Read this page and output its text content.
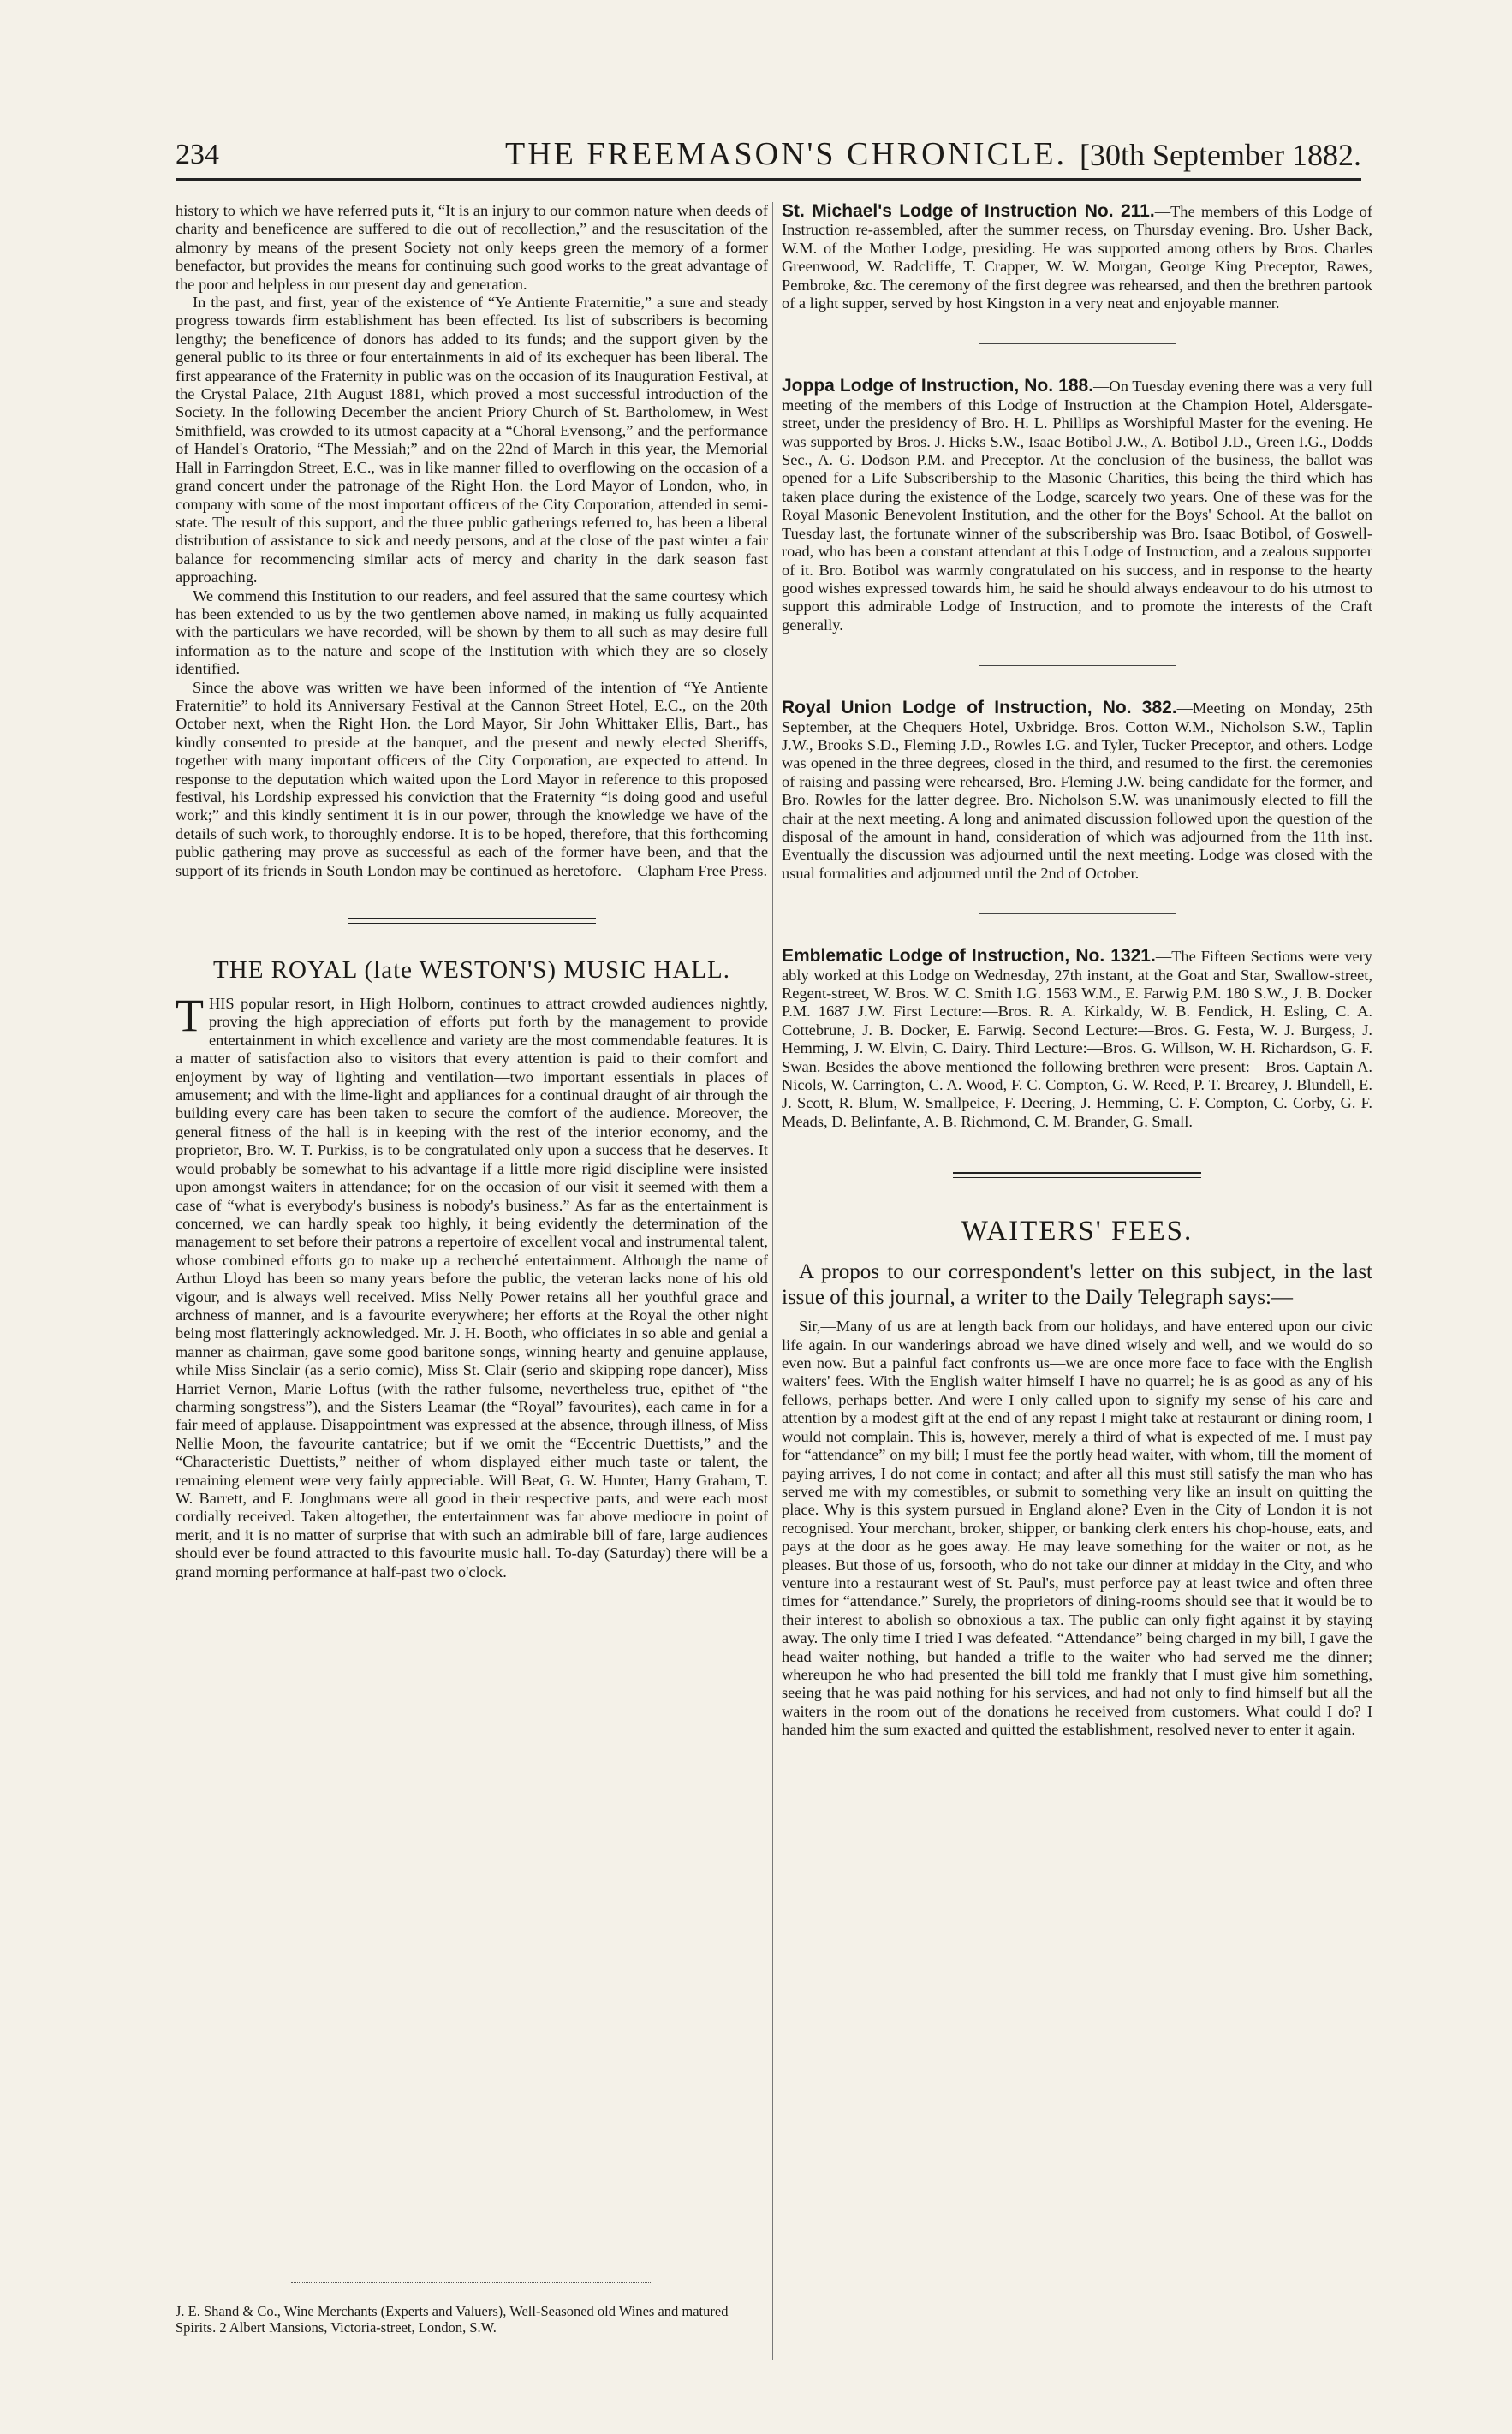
234	THE FREEMASON'S CHRONICLE. [30th September 1882.

history to which we have referred puts it, “It is an injury to our common nature when deeds of charity and beneficence are suffered to die out of recollection,” and the resuscitation of the almonry by means of the present Society not only keeps green the memory of a former benefactor, but provides the means for continuing such good works to the great advantage of the poor and helpless in our present day and generation.

In the past, and first, year of the existence of “Ye Antiente Fraternitie,” a sure and steady progress towards firm establishment has been effected. Its list of subscribers is becoming lengthy; the beneficence of donors has added to its funds; and the support given by the general public to its three or four entertainments in aid of its exchequer has been liberal. The first appearance of the Fraternity in public was on the occasion of its Inauguration Festival, at the Crystal Palace, 21th August 1881, which proved a most successful introduction of the Society. In the following December the ancient Priory Church of St. Bartholomew, in West Smithfield, was crowded to its utmost capacity at a “Choral Evensong,” and the performance of Handel's Oratorio, “The Messiah;” and on the 22nd of March in this year, the Memorial Hall in Farringdon Street, E.C., was in like manner filled to overflowing on the occasion of a grand concert under the patronage of the Right Hon. the Lord Mayor of London, who, in company with some of the most important officers of the City Corporation, attended in semi-state. The result of this support, and the three public gatherings referred to, has been a liberal distribution of assistance to sick and needy persons, and at the close of the past winter a fair balance for recommencing similar acts of mercy and charity in the dark season fast approaching.

We commend this Institution to our readers, and feel assured that the same courtesy which has been extended to us by the two gentlemen above named, in making us fully acquainted with the particulars we have recorded, will be shown by them to all such as may desire full information as to the nature and scope of the Institution with which they are so closely identified.

Since the above was written we have been informed of the intention of “Ye Antiente Fraternitie” to hold its Anniversary Festival at the Cannon Street Hotel, E.C., on the 20th October next, when the Right Hon. the Lord Mayor, Sir John Whittaker Ellis, Bart., has kindly consented to preside at the banquet, and the present and newly elected Sheriffs, together with many important officers of the City Corporation, are expected to attend. In response to the deputation which waited upon the Lord Mayor in reference to this proposed festival, his Lordship expressed his conviction that the Fraternity “is doing good and useful work;” and this kindly sentiment it is in our power, through the knowledge we have of the details of such work, to thoroughly endorse. It is to be hoped, therefore, that this forthcoming public gathering may prove as successful as each of the former have been, and that the support of its friends in South London may be continued as heretofore.—Clapham Free Press.

THE ROYAL (late WESTON'S) MUSIC HALL.

THIS popular resort, in High Holborn, continues to attract crowded audiences nightly, proving the high appreciation of efforts put forth by the management to provide entertainment in which excellence and variety are the most commendable features. It is a matter of satisfaction also to visitors that every attention is paid to their comfort and enjoyment by way of lighting and ventilation—two important essentials in places of amusement; and with the lime-light and appliances for a continual draught of air through the building every care has been taken to secure the comfort of the audience. Moreover, the general fitness of the hall is in keeping with the rest of the interior economy, and the proprietor, Bro. W. T. Purkiss, is to be congratulated only upon a success that he deserves. It would probably be somewhat to his advantage if a little more rigid discipline were insisted upon amongst waiters in attendance; for on the occasion of our visit it seemed with them a case of “what is everybody's business is nobody's business.” As far as the entertainment is concerned, we can hardly speak too highly, it being evidently the determination of the management to set before their patrons a repertoire of excellent vocal and instrumental talent, whose combined efforts go to make up a recherché entertainment. Although the name of Arthur Lloyd has been so many years before the public, the veteran lacks none of his old vigour, and is always well received. Miss Nelly Power retains all her youthful grace and archness of manner, and is a favourite everywhere; her efforts at the Royal the other night being most flatteringly acknowledged. Mr. J. H. Booth, who officiates in so able and genial a manner as chairman, gave some good baritone songs, winning hearty and genuine applause, while Miss Sinclair (as a serio comic), Miss St. Clair (serio and skipping rope dancer), Miss Harriet Vernon, Marie Loftus (with the rather fulsome, nevertheless true, epithet of “the charming songstress”), and the Sisters Leamar (the “Royal” favourites), each came in for a fair meed of applause. Disappointment was expressed at the absence, through illness, of Miss Nellie Moon, the favourite cantatrice; but if we omit the “Eccentric Duettists,” and the “Characteristic Duettists,” neither of whom displayed either much taste or talent, the remaining element were very fairly appreciable. Will Beat, G. W. Hunter, Harry Graham, T. W. Barrett, and F. Jonghmans were all good in their respective parts, and were each most cordially received. Taken altogether, the entertainment was far above mediocre in point of merit, and it is no matter of surprise that with such an admirable bill of fare, large audiences should ever be found attracted to this favourite music hall. To-day (Saturday) there will be a grand morning performance at half-past two o'clock.

J. E. Shand & Co., Wine Merchants (Experts and Valuers), Well-Seasoned old Wines and matured Spirits. 2 Albert Mansions, Victoria-street, London, S.W.

St. Michael's Lodge of Instruction No. 211.—The members of this Lodge of Instruction re-assembled, after the summer recess, on Thursday evening. Bro. Usher Back, W.M. of the Mother Lodge, presiding. He was supported among others by Bros. Charles Greenwood, W. Radcliffe, T. Crapper, W. W. Morgan, George King Preceptor, Rawes, Pembroke, &c. The ceremony of the first degree was rehearsed, and then the brethren partook of a light supper, served by host Kingston in a very neat and enjoyable manner.

Joppa Lodge of Instruction, No. 188.—On Tuesday evening there was a very full meeting of the members of this Lodge of Instruction at the Champion Hotel, Aldersgate-street, under the presidency of Bro. H. L. Phillips as Worshipful Master for the evening. He was supported by Bros. J. Hicks S.W., Isaac Botibol J.W., A. Botibol J.D., Green I.G., Dodds Sec., A. G. Dodson P.M. and Preceptor. At the conclusion of the business, the ballot was opened for a Life Subscribership to the Masonic Charities, this being the third which has taken place during the existence of the Lodge, scarcely two years. One of these was for the Royal Masonic Benevolent Institution, and the other for the Boys' School. At the ballot on Tuesday last, the fortunate winner of the subscribership was Bro. Isaac Botibol, of Goswell-road, who has been a constant attendant at this Lodge of Instruction, and a zealous supporter of it. Bro. Botibol was warmly congratulated on his success, and in response to the hearty good wishes expressed towards him, he said he should always endeavour to do his utmost to support this admirable Lodge of Instruction, and to promote the interests of the Craft generally.

Royal Union Lodge of Instruction, No. 382.—Meeting on Monday, 25th September, at the Chequers Hotel, Uxbridge. Bros. Cotton W.M., Nicholson S.W., Taplin J.W., Brooks S.D., Fleming J.D., Rowles I.G. and Tyler, Tucker Preceptor, and others. Lodge was opened in the three degrees, closed in the third, and resumed to the first. the ceremonies of raising and passing were rehearsed, Bro. Fleming J.W. being candidate for the former, and Bro. Rowles for the latter degree. Bro. Nicholson S.W. was unanimously elected to fill the chair at the next meeting. A long and animated discussion followed upon the question of the disposal of the amount in hand, consideration of which was adjourned from the 11th inst. Eventually the discussion was adjourned until the next meeting. Lodge was closed with the usual formalities and adjourned until the 2nd of October.

Emblematic Lodge of Instruction, No. 1321.—The Fifteen Sections were very ably worked at this Lodge on Wednesday, 27th instant, at the Goat and Star, Swallow-street, Regent-street, W. Bros. W. C. Smith I.G. 1563 W.M., E. Farwig P.M. 180 S.W., J. B. Docker P.M. 1687 J.W. First Lecture:—Bros. R. A. Kirkaldy, W. B. Fendick, H. Esling, C. A. Cottebrune, J. B. Docker, E. Farwig. Second Lecture:—Bros. G. Festa, W. J. Burgess, J. Hemming, J. W. Elvin, C. Dairy. Third Lecture:—Bros. G. Willson, W. H. Richardson, G. F. Swan. Besides the above mentioned the following brethren were present:—Bros. Captain A. Nicols, W. Carrington, C. A. Wood, F. C. Compton, G. W. Reed, P. T. Brearey, J. Blundell, E. J. Scott, R. Blum, W. Smallpeice, F. Deering, J. Hemming, C. F. Compton, C. Corby, G. F. Meads, D. Belinfante, A. B. Richmond, C. M. Brander, G. Small.

WAITERS' FEES.

A propos to our correspondent's letter on this subject, in the last issue of this journal, a writer to the Daily Telegraph says:—

Sir,—Many of us are at length back from our holidays, and have entered upon our civic life again. In our wanderings abroad we have dined wisely and well, and we would do so even now. But a painful fact confronts us—we are once more face to face with the English waiters' fees. With the English waiter himself I have no quarrel; he is as good as any of his fellows, perhaps better. And were I only called upon to signify my sense of his care and attention by a modest gift at the end of any repast I might take at restaurant or dining room, I would not complain. This is, however, merely a third of what is expected of me. I must pay for “attendance” on my bill; I must fee the portly head waiter, with whom, till the moment of paying arrives, I do not come in contact; and after all this must still satisfy the man who has served me with my comestibles, or submit to something very like an insult on quitting the place. Why is this system pursued in England alone? Even in the City of London it is not recognised. Your merchant, broker, shipper, or banking clerk enters his chop-house, eats, and pays at the door as he goes away. He may leave something for the waiter or not, as he pleases. But those of us, forsooth, who do not take our dinner at midday in the City, and who venture into a restaurant west of St. Paul's, must perforce pay at least twice and often three times for “attendance.” Surely, the proprietors of dining-rooms should see that it would be to their interest to abolish so obnoxious a tax. The public can only fight against it by staying away. The only time I tried I was defeated. “Attendance” being charged in my bill, I gave the head waiter nothing, but handed a trifle to the waiter who had served me the dinner; whereupon he who had presented the bill told me frankly that I must give him something, seeing that he was paid nothing for his services, and had not only to find himself but all the waiters in the room out of the donations he received from customers. What could I do? I handed him the sum exacted and quitted the establishment, resolved never to enter it again.
